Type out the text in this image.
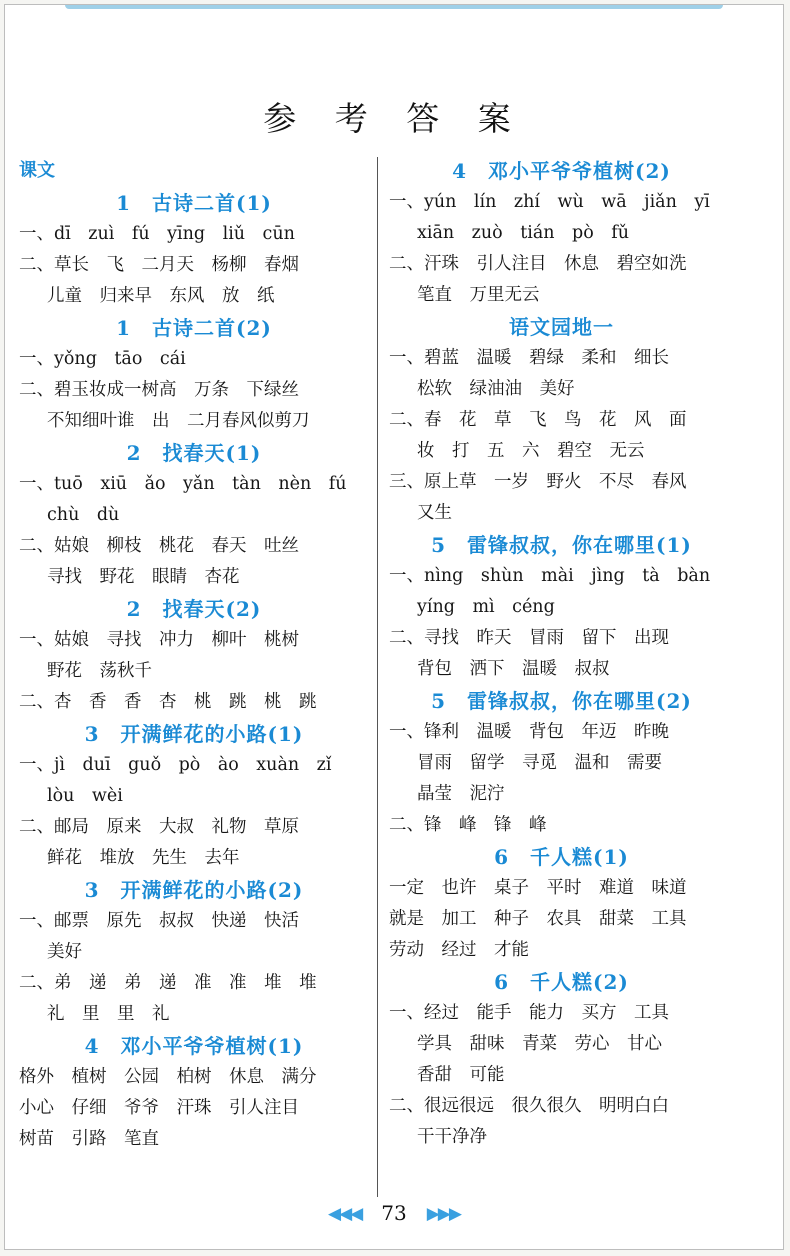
参 考 答 案
课文
1　古诗二首(1)
一、dī　zuì　fú　yīng　liǔ　cūn
二、草长　飞　二月天　杨柳　春烟
儿童　归来早　东风　放　纸
1　古诗二首(2)
一、yǒng　tāo　cái
二、碧玉妆成一树高　万条　下绿丝
不知细叶谁　出　二月春风似剪刀
2　找春天(1)
一、tuō　xiū　ǎo　yǎn　tàn　nèn　fú
chù　dù
二、姑娘　柳枝　桃花　春天　吐丝
寻找　野花　眼睛　杏花
2　找春天(2)
一、姑娘　寻找　冲力　柳叶　桃树
野花　荡秋千
二、杏　香　香　杏　桃　跳　桃　跳
3　开满鲜花的小路(1)
一、jì　duī　guǒ　pò　ào　xuàn　zǐ
lòu　wèi
二、邮局　原来　大叔　礼物　草原
鲜花　堆放　先生　去年
3　开满鲜花的小路(2)
一、邮票　原先　叔叔　快递　快活
美好
二、弟　递　弟　递　准　准　堆　堆
礼　里　里　礼
4　邓小平爷爷植树(1)
格外　植树　公园　柏树　休息　满分
小心　仔细　爷爷　汗珠　引人注目
树苗　引路　笔直
4　邓小平爷爷植树(2)
一、yún　lín　zhí　wù　wā　jiǎn　yī
xiān　zuò　tián　pò　fǔ
二、汗珠　引人注目　休息　碧空如洗
笔直　万里无云
语文园地一
一、碧蓝　温暖　碧绿　柔和　细长
松软　绿油油　美好
二、春　花　草　飞　鸟　花　风　面
妆　打　五　六　碧空　无云
三、原上草　一岁　野火　不尽　春风
又生
5　雷锋叔叔，你在哪里(1)
一、nìng　shùn　mài　jìng　tà　bàn
yíng　mì　céng
二、寻找　昨天　冒雨　留下　出现
背包　洒下　温暖　叔叔
5　雷锋叔叔，你在哪里(2)
一、锋利　温暖　背包　年迈　昨晚
冒雨　留学　寻觅　温和　需要
晶莹　泥泞
二、锋　峰　锋　峰
6　千人糕(1)
一定　也许　桌子　平时　难道　味道
就是　加工　种子　农具　甜菜　工具
劳动　经过　才能
6　千人糕(2)
一、经过　能手　能力　买方　工具
学具　甜味　青菜　劳心　甘心
香甜　可能
二、很远很远　很久很久　明明白白
干干净净
◀◀◀ 73 ▶▶▶
